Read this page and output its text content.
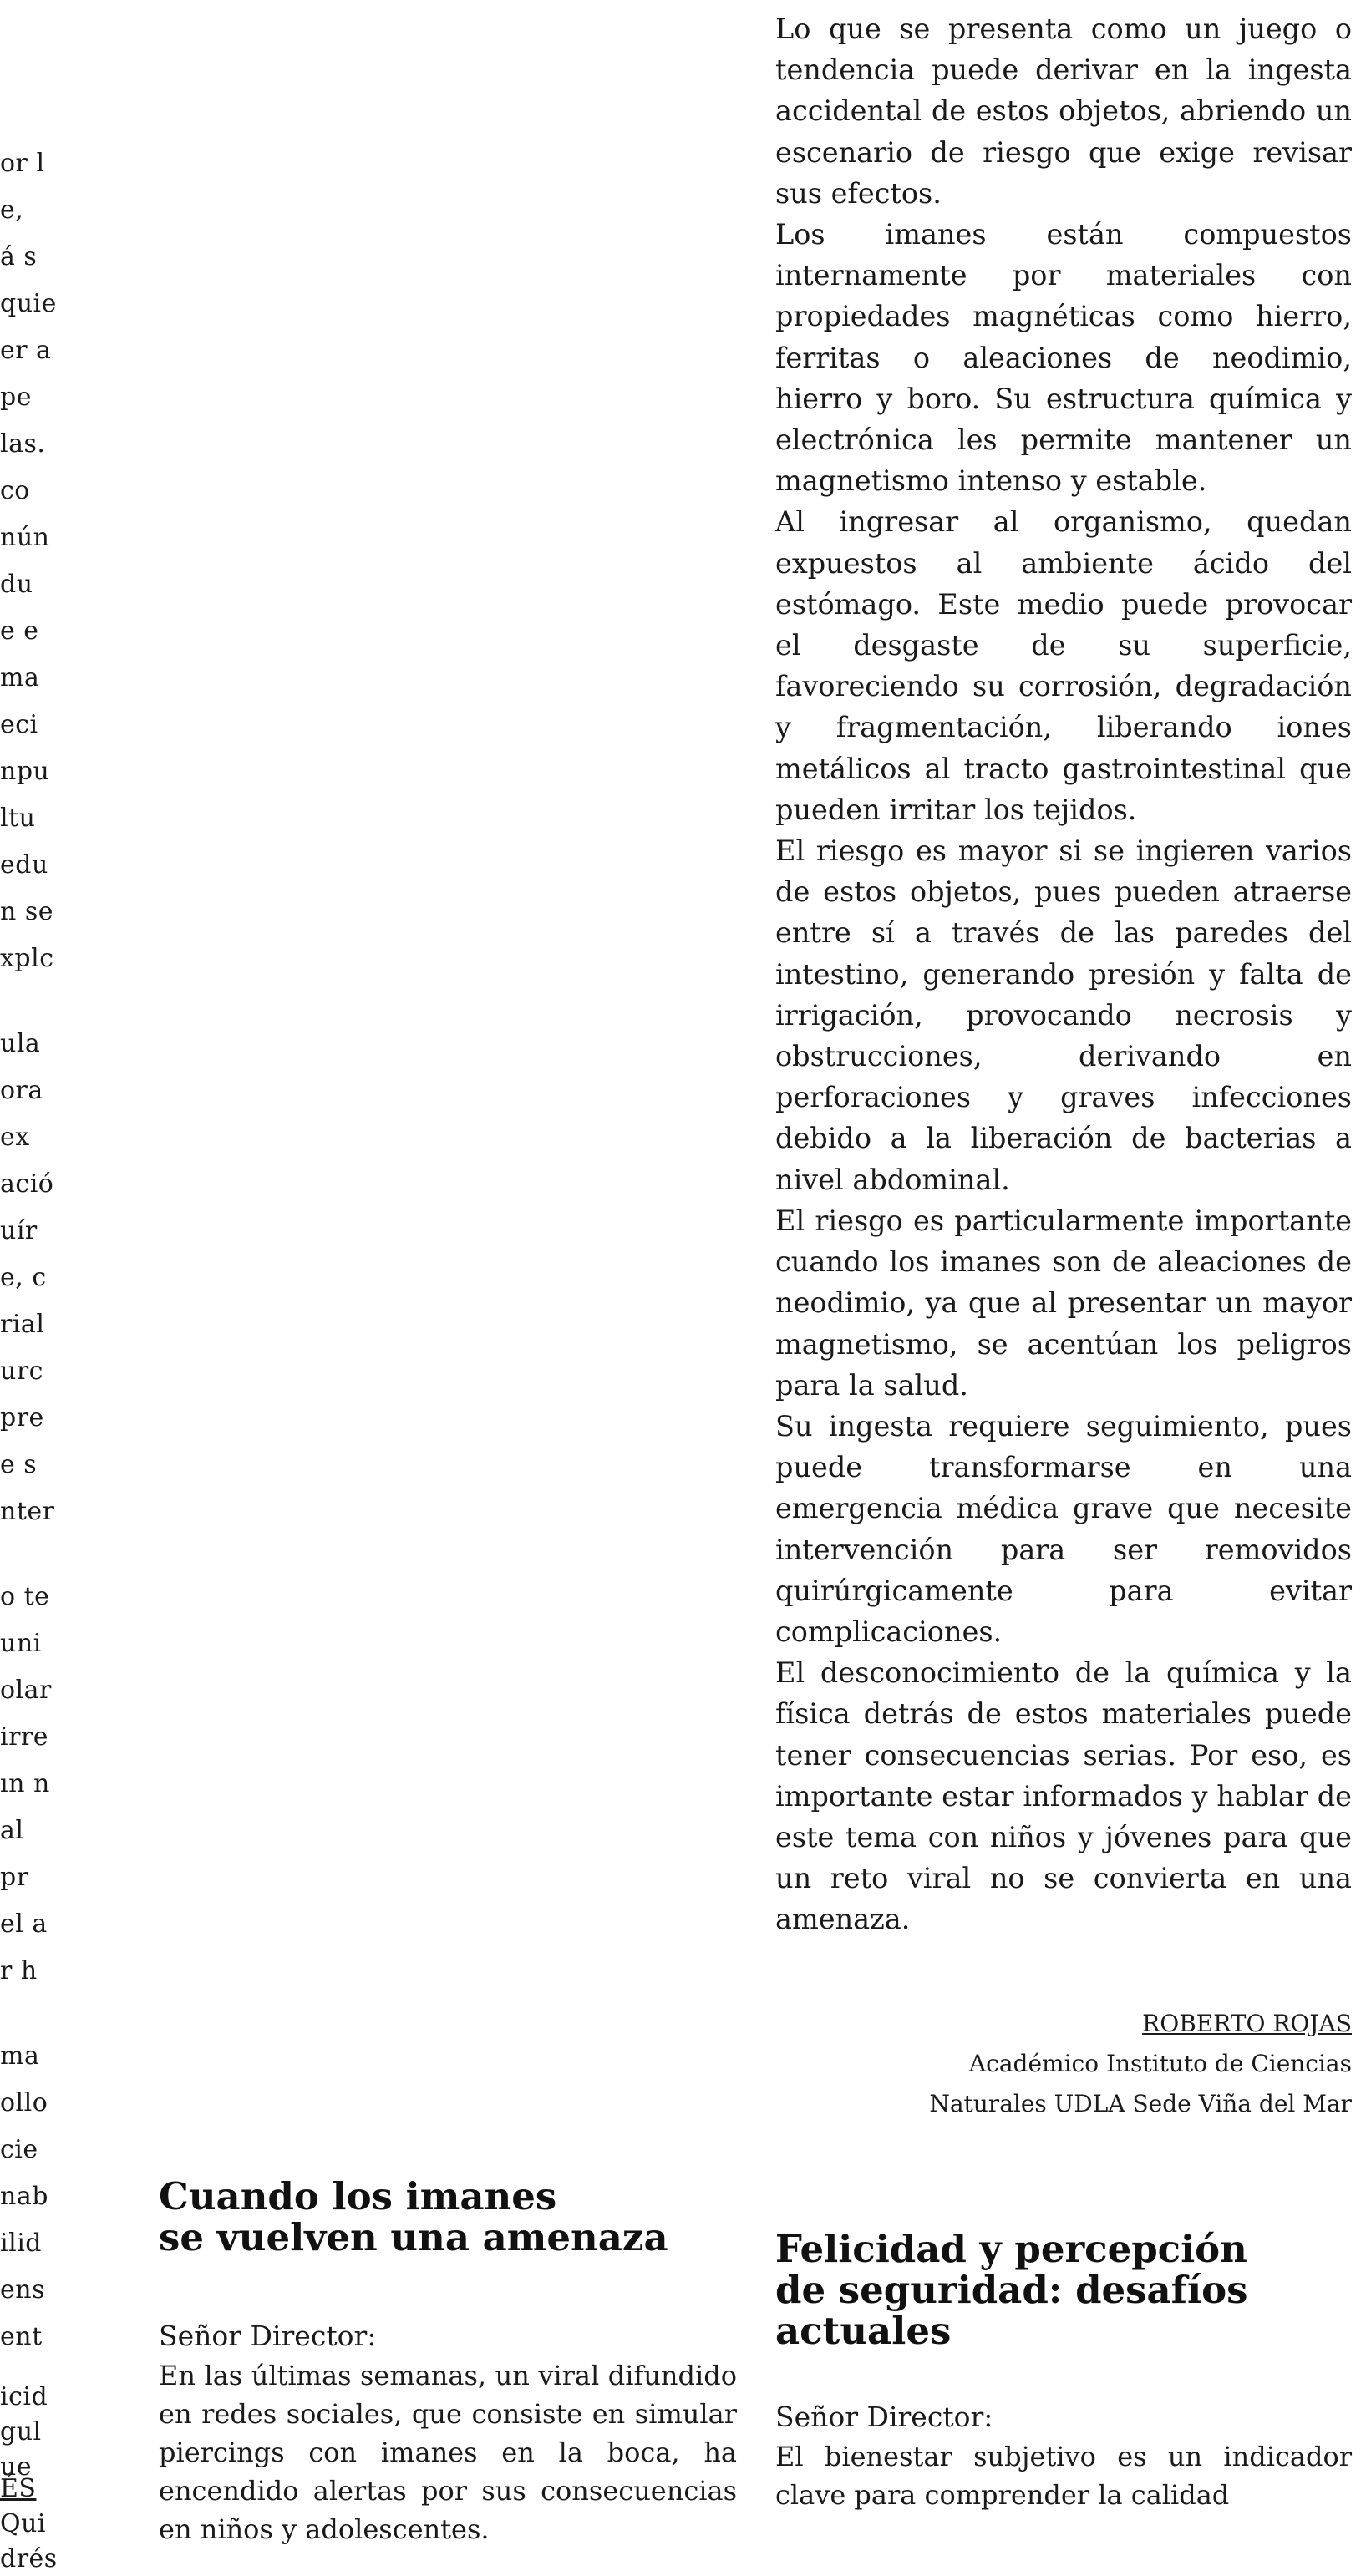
or l
e,
á s
quie
er a
pe
las.
co
nún
du
e e
ma
eci
npu
ltu
edu
n se
xplc
ula
ora
ex
ació
uír
e, c
rial
urc
pre
e s
nter
o te
uni
olar
irre
ın n
al
pr
el a
r h
ma
ollo
cie
nab
ilid
ens
ent
icid
gul
ue
ÉS
Qui
drés

Lo que se presenta como un juego o tendencia puede derivar en la ingesta accidental de estos objetos, abriendo un escenario de riesgo que exige revisar sus efectos.

Los imanes están compuestos internamente por materiales con propiedades magnéticas como hierro, ferritas o aleaciones de neodimio, hierro y boro. Su estructura química y electrónica les permite mantener un magnetismo intenso y estable.

Al ingresar al organismo, quedan expuestos al ambiente ácido del estómago. Este medio puede provocar el desgaste de su superficie, favoreciendo su corrosión, degradación y fragmentación, liberando iones metálicos al tracto gastrointestinal que pueden irritar los tejidos.

El riesgo es mayor si se ingieren varios de estos objetos, pues pueden atraerse entre sí a través de las paredes del intestino, generando presión y falta de irrigación, provocando necrosis y obstrucciones, derivando en perforaciones y graves infecciones debido a la liberación de bacterias a nivel abdominal.

El riesgo es particularmente importante cuando los imanes son de aleaciones de neodimio, ya que al presentar un mayor magnetismo, se acentúan los peligros para la salud.

Su ingesta requiere seguimiento, pues puede transformarse en una emergencia médica grave que necesite intervención para ser removidos quirúrgicamente para evitar complicaciones.

El desconocimiento de la química y la física detrás de estos materiales puede tener consecuencias serias. Por eso, es importante estar informados y hablar de este tema con niños y jóvenes para que un reto viral no se convierta en una amenaza.

ROBERTO ROJAS
Académico Instituto de Ciencias
Naturales UDLA Sede Viña del Mar
Cuando los imanes
se vuelven una amenaza

Señor Director:

En las últimas semanas, un viral difundido en redes sociales, que consiste en simular piercings con imanes en la boca, ha encendido alertas por sus consecuencias en niños y adolescentes.

Felicidad y percepción
de seguridad: desafíos
actuales

Señor Director:

El bienestar subjetivo es un indicador clave para comprender la calidad
